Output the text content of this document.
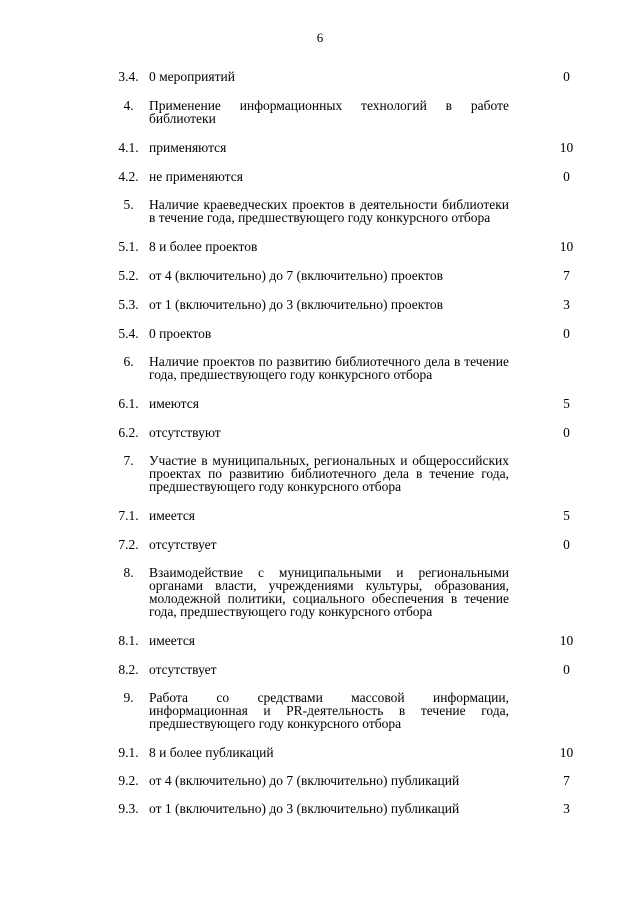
6
3.4.	0 мероприятий	0
4.	Применение информационных технологий в работе библиотеки	
4.1.	применяются	10
4.2.	не применяются	0
5.	Наличие краеведческих проектов в деятельности библиотеки в течение года, предшествующего году конкурсного отбора	
5.1.	8 и более проектов	10
5.2.	от 4 (включительно) до 7 (включительно) проектов	7
5.3.	от 1 (включительно) до 3 (включительно) проектов	3
5.4.	0 проектов	0
6.	Наличие проектов по развитию библиотечного дела в течение года, предшествующего году конкурсного отбора	
6.1.	имеются	5
6.2.	отсутствуют	0
7.	Участие в муниципальных, региональных и общероссийских проектах по развитию библиотечного дела в течение года, предшествующего году конкурсного отбора	
7.1.	имеется	5
7.2.	отсутствует	0
8.	Взаимодействие с муниципальными и региональными органами власти, учреждениями культуры, образования, молодежной политики, социального обеспечения в течение года, предшествующего году конкурсного отбора	
8.1.	имеется	10
8.2.	отсутствует	0
9.	Работа со средствами массовой информации, информационная и PR-деятельность в течение года, предшествующего году конкурсного отбора	
9.1.	8 и более публикаций	10
9.2.	от 4 (включительно) до 7 (включительно) публикаций	7
9.3.	от 1 (включительно) до 3 (включительно) публикаций	3
